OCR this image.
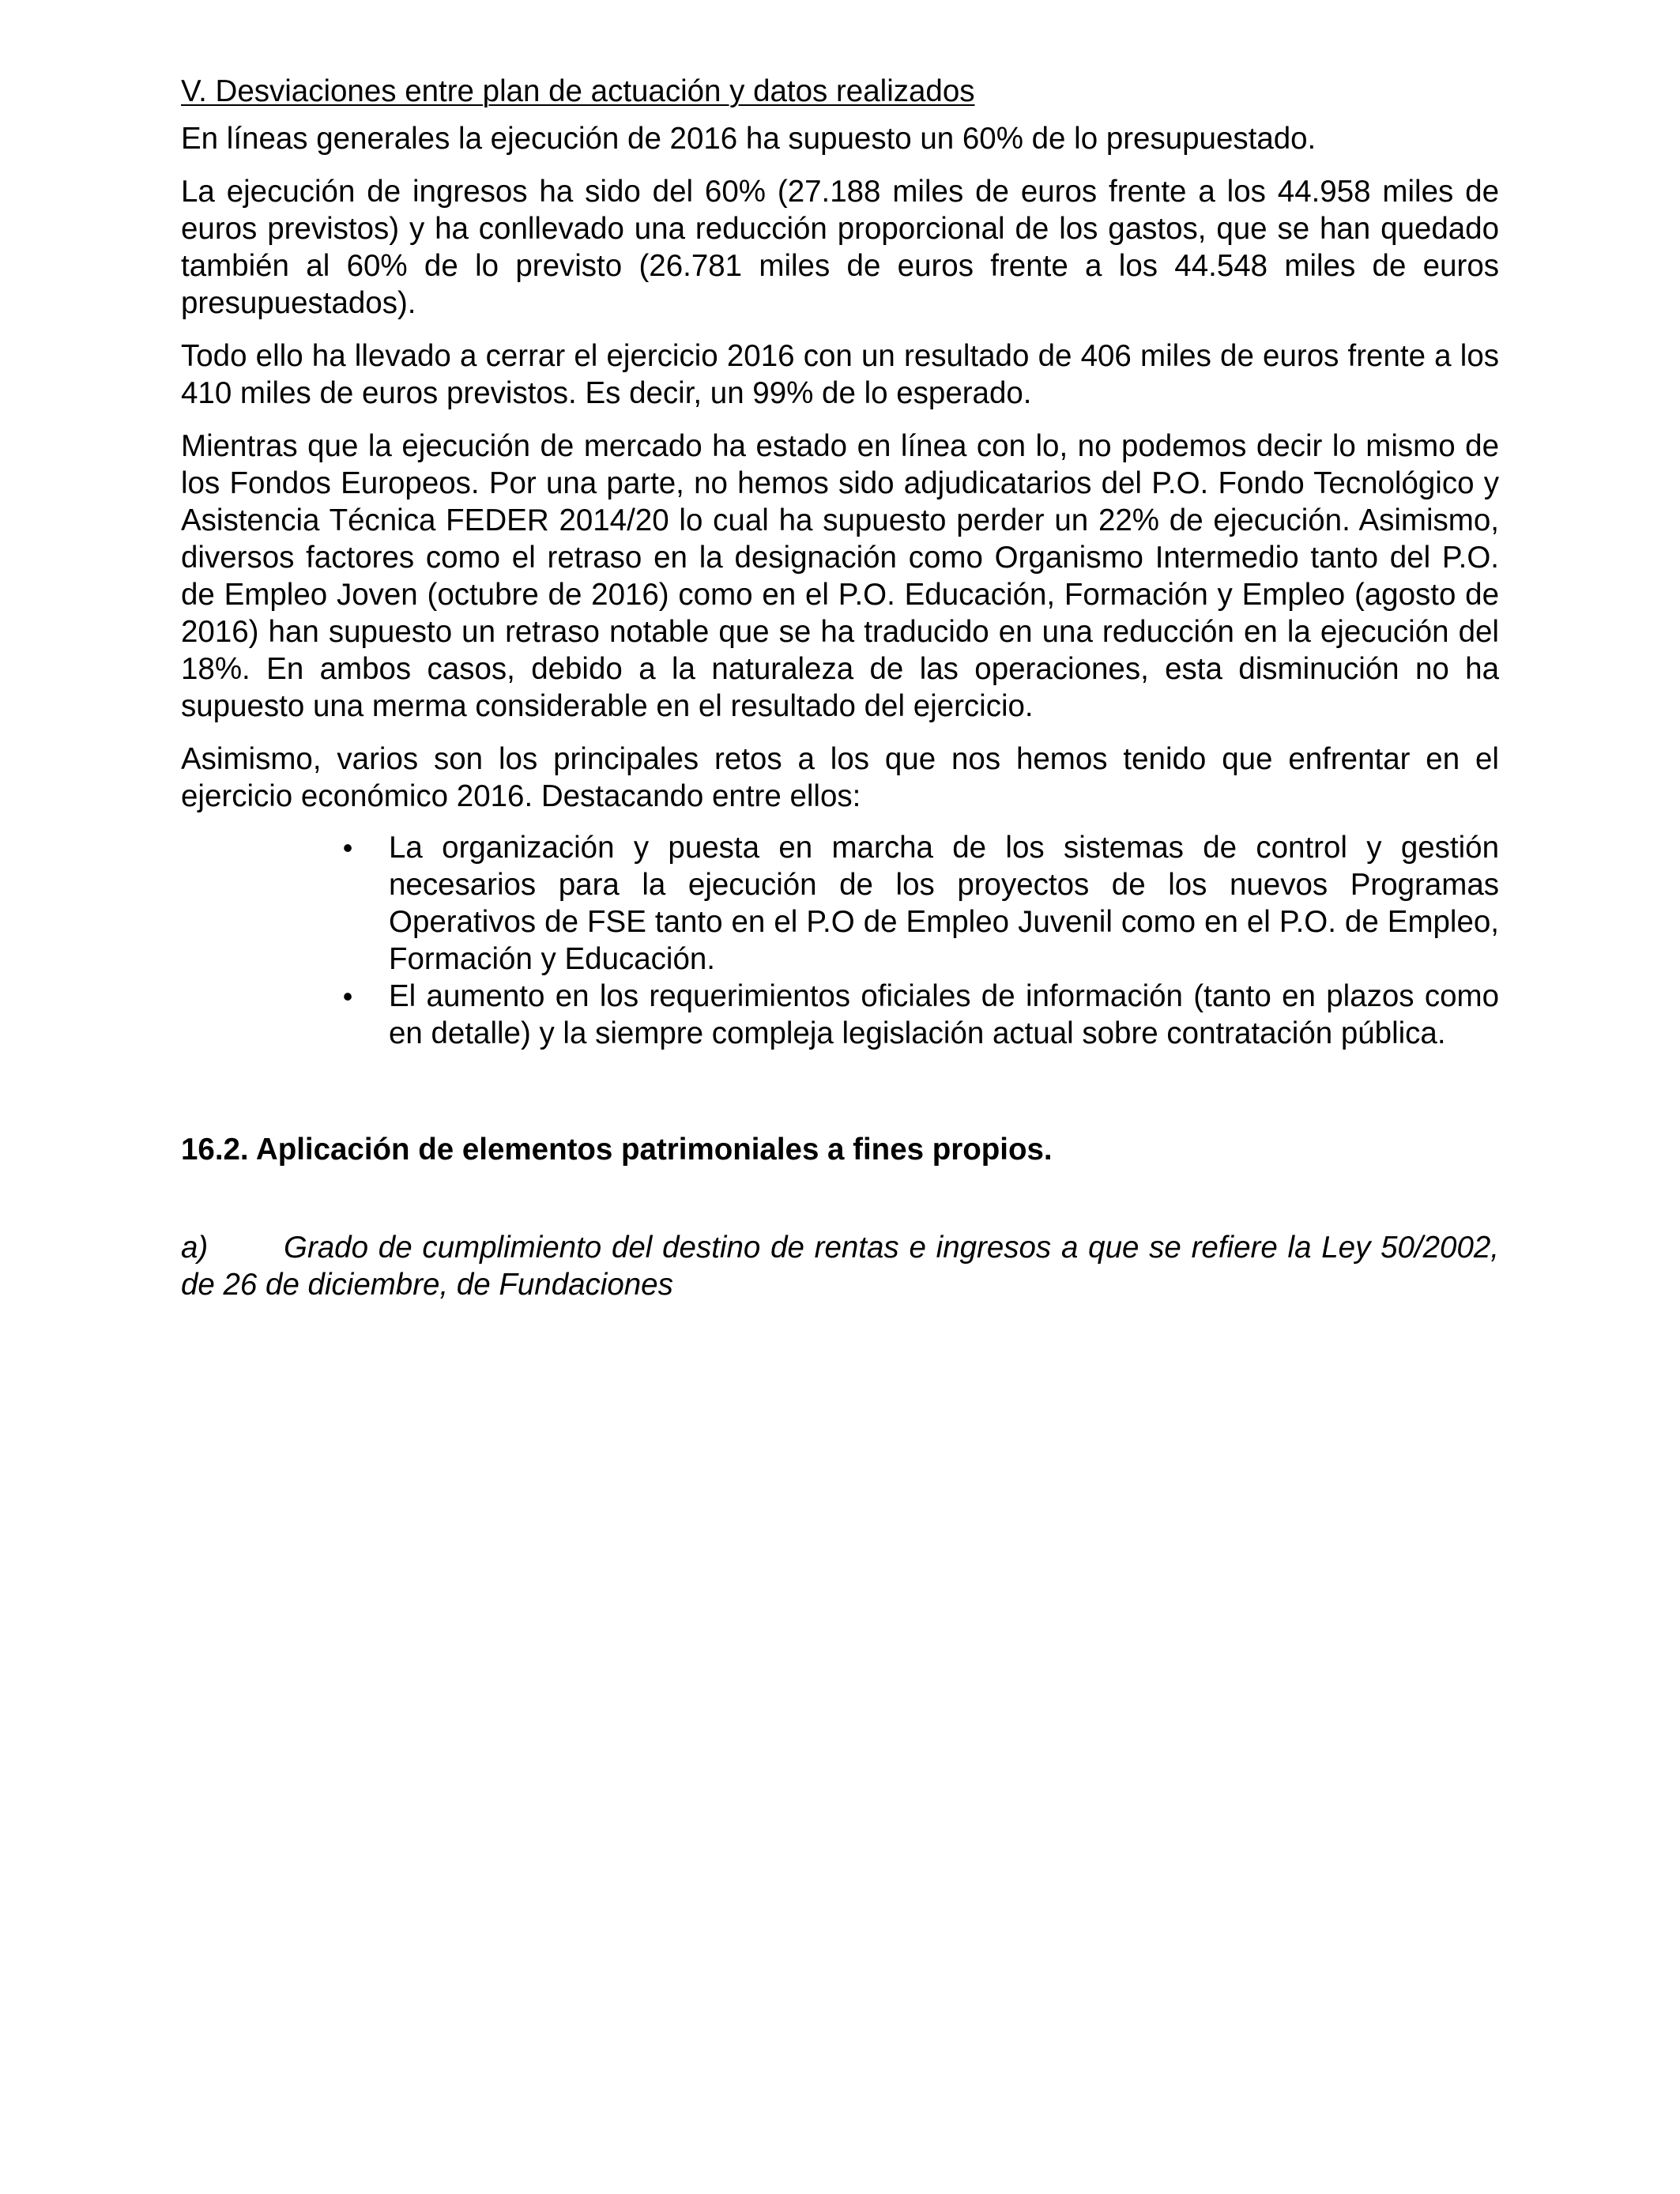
V. Desviaciones entre plan de actuación y datos realizados

En líneas generales la ejecución de 2016 ha supuesto un 60% de lo presupuestado.

La ejecución de ingresos ha sido del 60% (27.188 miles de euros frente a los 44.958 miles de euros previstos) y ha conllevado una reducción proporcional de los gastos, que se han quedado también al 60% de lo previsto (26.781 miles de euros frente a los 44.548 miles de euros presupuestados).

Todo ello ha llevado a cerrar el ejercicio 2016 con un resultado de 406 miles de euros frente a los 410 miles de euros previstos. Es decir, un 99% de lo esperado.

Mientras que la ejecución de mercado ha estado en línea con lo, no podemos decir lo mismo de los Fondos Europeos. Por una parte, no hemos sido adjudicatarios del P.O. Fondo Tecnológico y Asistencia Técnica FEDER 2014/20 lo cual ha supuesto perder un 22% de ejecución. Asimismo, diversos factores como el retraso en la designación como Organismo Intermedio tanto del P.O. de Empleo Joven (octubre de 2016) como en el P.O. Educación, Formación y Empleo (agosto de 2016) han supuesto un retraso notable que se ha traducido en una reducción en la ejecución del 18%. En ambos casos, debido a la naturaleza de las operaciones, esta disminución no ha supuesto una merma considerable en el resultado del ejercicio.

Asimismo, varios son los principales retos a los que nos hemos tenido que enfrentar en el ejercicio económico 2016. Destacando entre ellos:

• La organización y puesta en marcha de los sistemas de control y gestión necesarios para la ejecución de los proyectos de los nuevos Programas Operativos de FSE tanto en el P.O de Empleo Juvenil como en el P.O. de Empleo, Formación y Educación.
• El aumento en los requerimientos oficiales de información (tanto en plazos como en detalle) y la siempre compleja legislación actual sobre contratación pública.

16.2. Aplicación de elementos patrimoniales a fines propios.

a) Grado de cumplimiento del destino de rentas e ingresos a que se refiere la Ley 50/2002, de 26 de diciembre, de Fundaciones
